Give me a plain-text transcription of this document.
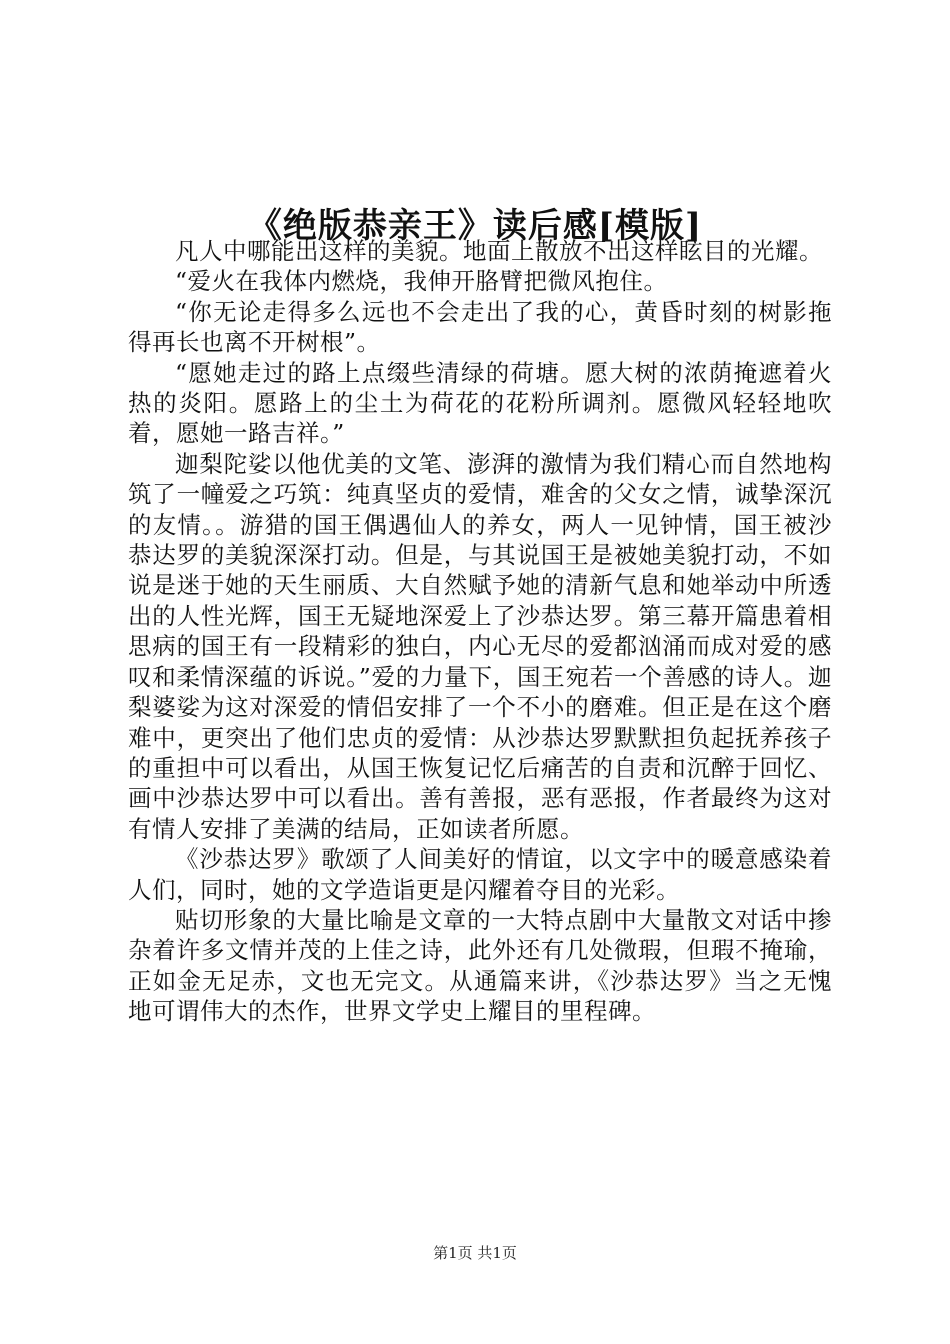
《绝版恭亲王》读后感[模版]

凡人中哪能出这样的美貌。地面上散放不出这样眩目的光耀。

“爱火在我体内燃烧，我伸开胳臂把微风抱住。

“你无论走得多么远也不会走出了我的心，黄昏时刻的树影拖得再长也离不开树根”。

“愿她走过的路上点缀些清绿的荷塘。愿大树的浓荫掩遮着火热的炎阳。愿路上的尘土为荷花的花粉所调剂。愿微风轻轻地吹着，愿她一路吉祥。”

迦梨陀娑以他优美的文笔、澎湃的激情为我们精心而自然地构筑了一幢爱之巧筑：纯真坚贞的爱情，难舍的父女之情，诚挚深沉的友情。。游猎的国王偶遇仙人的养女，两人一见钟情，国王被沙恭达罗的美貌深深打动。但是，与其说国王是被她美貌打动，不如说是迷于她的天生丽质、大自然赋予她的清新气息和她举动中所透出的人性光辉，国王无疑地深爱上了沙恭达罗。第三幕开篇患着相思病的国王有一段精彩的独白，内心无尽的爱都汹涌而成对爱的感叹和柔情深蕴的诉说。”爱的力量下，国王宛若一个善感的诗人。迦梨婆娑为这对深爱的情侣安排了一个不小的磨难。但正是在这个磨难中，更突出了他们忠贞的爱情：从沙恭达罗默默担负起抚养孩子的重担中可以看出，从国王恢复记忆后痛苦的自责和沉醉于回忆、画中沙恭达罗中可以看出。善有善报，恶有恶报，作者最终为这对有情人安排了美满的结局，正如读者所愿。

《沙恭达罗》歌颂了人间美好的情谊，以文字中的暖意感染着人们，同时，她的文学造诣更是闪耀着夺目的光彩。

贴切形象的大量比喻是文章的一大特点剧中大量散文对话中掺杂着许多文情并茂的上佳之诗，此外还有几处微瑕，但瑕不掩瑜，正如金无足赤，文也无完文。从通篇来讲，《沙恭达罗》当之无愧地可谓伟大的杰作，世界文学史上耀目的里程碑。

第1页 共1页
